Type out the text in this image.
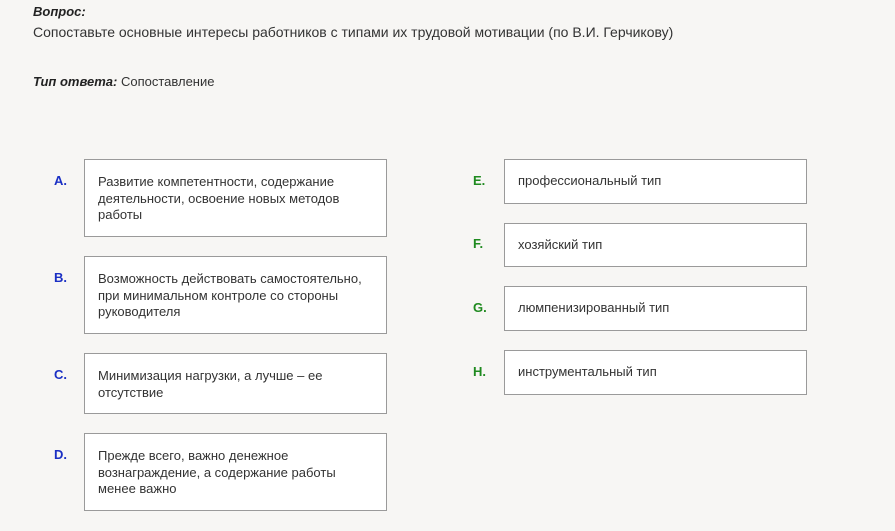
Вопрос:
Сопоставьте основные интересы работников с типами их трудовой мотивации (по В.И. Герчикову)
Тип ответа: Сопоставление
A.	Развитие компетентности, содержание деятельности, освоение новых методов работы
B.	Возможность действовать самостоятельно, при минимальном контроле со стороны руководителя
C.	Минимизация нагрузки, а лучше – ее отсутствие
D.	Прежде всего, важно денежное вознаграждение, а содержание работы менее важно
E.	профессиональный тип
F.	хозяйский тип
G.	люмпенизированный тип
H.	инструментальный тип
